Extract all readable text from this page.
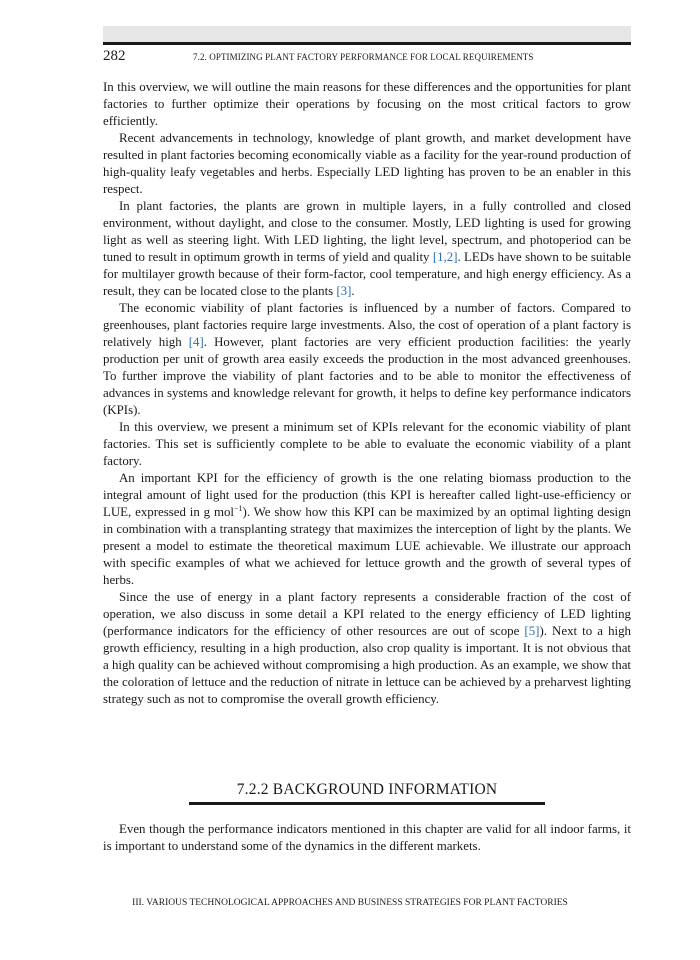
282	7.2. OPTIMIZING PLANT FACTORY PERFORMANCE FOR LOCAL REQUIREMENTS

In this overview, we will outline the main reasons for these differences and the opportunities for plant factories to further optimize their operations by focusing on the most critical factors to grow efficiently.

Recent advancements in technology, knowledge of plant growth, and market development have resulted in plant factories becoming economically viable as a facility for the year-round production of high-quality leafy vegetables and herbs. Especially LED lighting has proven to be an enabler in this respect.

In plant factories, the plants are grown in multiple layers, in a fully controlled and closed environment, without daylight, and close to the consumer. Mostly, LED lighting is used for growing light as well as steering light. With LED lighting, the light level, spectrum, and photoperiod can be tuned to result in optimum growth in terms of yield and quality [1,2]. LEDs have shown to be suitable for multilayer growth because of their form-factor, cool temperature, and high energy efficiency. As a result, they can be located close to the plants [3].

The economic viability of plant factories is influenced by a number of factors. Compared to greenhouses, plant factories require large investments. Also, the cost of operation of a plant factory is relatively high [4]. However, plant factories are very efficient production facilities: the yearly production per unit of growth area easily exceeds the production in the most advanced greenhouses. To further improve the viability of plant factories and to be able to monitor the effectiveness of advances in systems and knowledge relevant for growth, it helps to define key performance indicators (KPIs).

In this overview, we present a minimum set of KPIs relevant for the economic viability of plant factories. This set is sufficiently complete to be able to evaluate the economic viability of a plant factory.

An important KPI for the efficiency of growth is the one relating biomass production to the integral amount of light used for the production (this KPI is hereafter called light-use-efficiency or LUE, expressed in g mol$^{-1}$). We show how this KPI can be maximized by an optimal lighting design in combination with a transplanting strategy that maximizes the interception of light by the plants. We present a model to estimate the theoretical maximum LUE achievable. We illustrate our approach with specific examples of what we achieved for lettuce growth and the growth of several types of herbs.

Since the use of energy in a plant factory represents a considerable fraction of the cost of operation, we also discuss in some detail a KPI related to the energy efficiency of LED lighting (performance indicators for the efficiency of other resources are out of scope [5]). Next to a high growth efficiency, resulting in a high production, also crop quality is important. It is not obvious that a high quality can be achieved without compromising a high production. As an example, we show that the coloration of lettuce and the reduction of nitrate in lettuce can be achieved by a preharvest lighting strategy such as not to compromise the overall growth efficiency.

7.2.2 BACKGROUND INFORMATION

Even though the performance indicators mentioned in this chapter are valid for all indoor farms, it is important to understand some of the dynamics in the different markets.

III. VARIOUS TECHNOLOGICAL APPROACHES AND BUSINESS STRATEGIES FOR PLANT FACTORIES
